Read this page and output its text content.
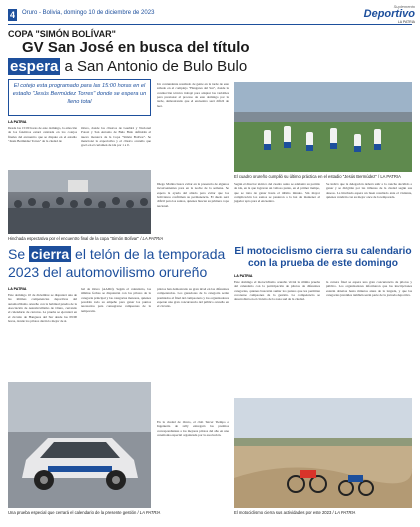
4	Oruro - Bolivia, domingo 10 de diciembre de 2023
Suplemento
Deportivo
LA PATRIA
COPA "SIMÓN BOLÍVAR"
GV San José en busca del título
espera a San Antonio de Bulo Bulo
El cotejo esta programado para las 15:00 horas en el estadio "Jesús Bermúdez Torres" donde se espera un lleno total
LA PATRIA
Desde las 15:00 horas de este domingo, la emoción de los fanáticos estará centrada en los cotejos finales del encuentro que se dispute en el estadio "Jesús Bermúdez Torres" de la ciudad de
Oruro, donde los clásicos de Guabirá y Nacional Potosí y San Antonio de Bulo Bulo definirán el nuevo monarca de la Copa "Simón Bolívar". Se mencionó la expectativa y el clásico orureño que gozó en el certamen de ida por 1 a 0.
Un contundente resultado de gente en la tarde de este sábado en el complejo "Hangares del Sur", donde la conducción técnica trabajó para adaptar las variables para presionar al proceso de este domingo por la tarde, demostrando que el encuentro será difícil de leer.
Diego Molina busca evitar en la presencia de algunos inconvenientes para en la noche de la semana. Se espera la ayuda del aliado para evitar que los bolivianos confirmen su permanencia. El duelo será difícil para los santos, quienes buscan su primera copa nacional.
Hinchada espectativa por el encuentro final de la copa "Simón Bolívar" / LA PATRIA
El cuadro orureño cumplió su último práctica en el estadio "Jesús Bermúdez" / LA PATRIA
Según el director técnico del cuadro santo se adelantó su partido de ida, en la que lograron un valioso punto, en el primer tiempo, que se trata de ganar hasta el último minuto. Sin mayor complicación los santos se pusieron a la luz de mantener el jugador apto para el encuentro.
Se indicó que la delegación deberá salir a la cancha decidido a ganar y se dirigirán por las tribunas de la ciudad según sus deseos. La hinchada espera un buen resultado ante el visitante, quienes vendrán con su mejor once de la temporada.
El motociclismo cierra su calendario con la prueba de este domingo
LA PATRIA
Este domingo el motociclismo orureño vivirá la última prueba del calendario con la participación de pilotos de diferentes categorías, quienes buscarán sumar los puntos que les permitan coronarse campeones de la gestión. La competencia se desarrollará en el circuito de la zona sud de la ciudad.
la carrera final se espera una gran concurrencia de pilotos y público. Los organizadores informaron que las inscripciones estarán abiertas hasta minutos antes de la largada, y que las categorías juveniles también serán parte de la jornada deportiva.
El motociclismo cierra sus actividades por este 2023 / LA PATRIA
Se cierra el telón de la temporada
2023 del automovilismo orureño
LA PATRIA
Este domingo 10 de diciembre se disputará una de las últimas competencias deportivas del automovilismo orureño con la habitual prueba de la Asociación de Automovilismo de Oruro, cerrando el calendario de carreras. La prueba se ejecutará en el circuito de Hangares del Sur desde las 09:00 horas, donde los pilotos darán lo mejor de sí.
bal de Oruro (AADO). Según el calendario, las últimas fechas se disputarán con los pilotos de la categoría principal y las categorías menores, quienes pondrán todo su empeño para ganar los puntos necesarios para consagrarse campeones de la temporada.
pilotos han demostrado su gran nivel en las diferentes competencias. Los ganadores de la categoría serán premiados al final del campeonato y los organizadores esperan una gran concurrencia del público orureño en el circuito.
En la ciudad de Oruro, el club Tercer Tiempo e Ingeniería de rally entregará los premios correspondientes a los mejores pilotos del año en una ceremonia especial organizada por la asociación.
Una prueba especial que cerrará el calendario de la presente gestión / LA PATRIA
